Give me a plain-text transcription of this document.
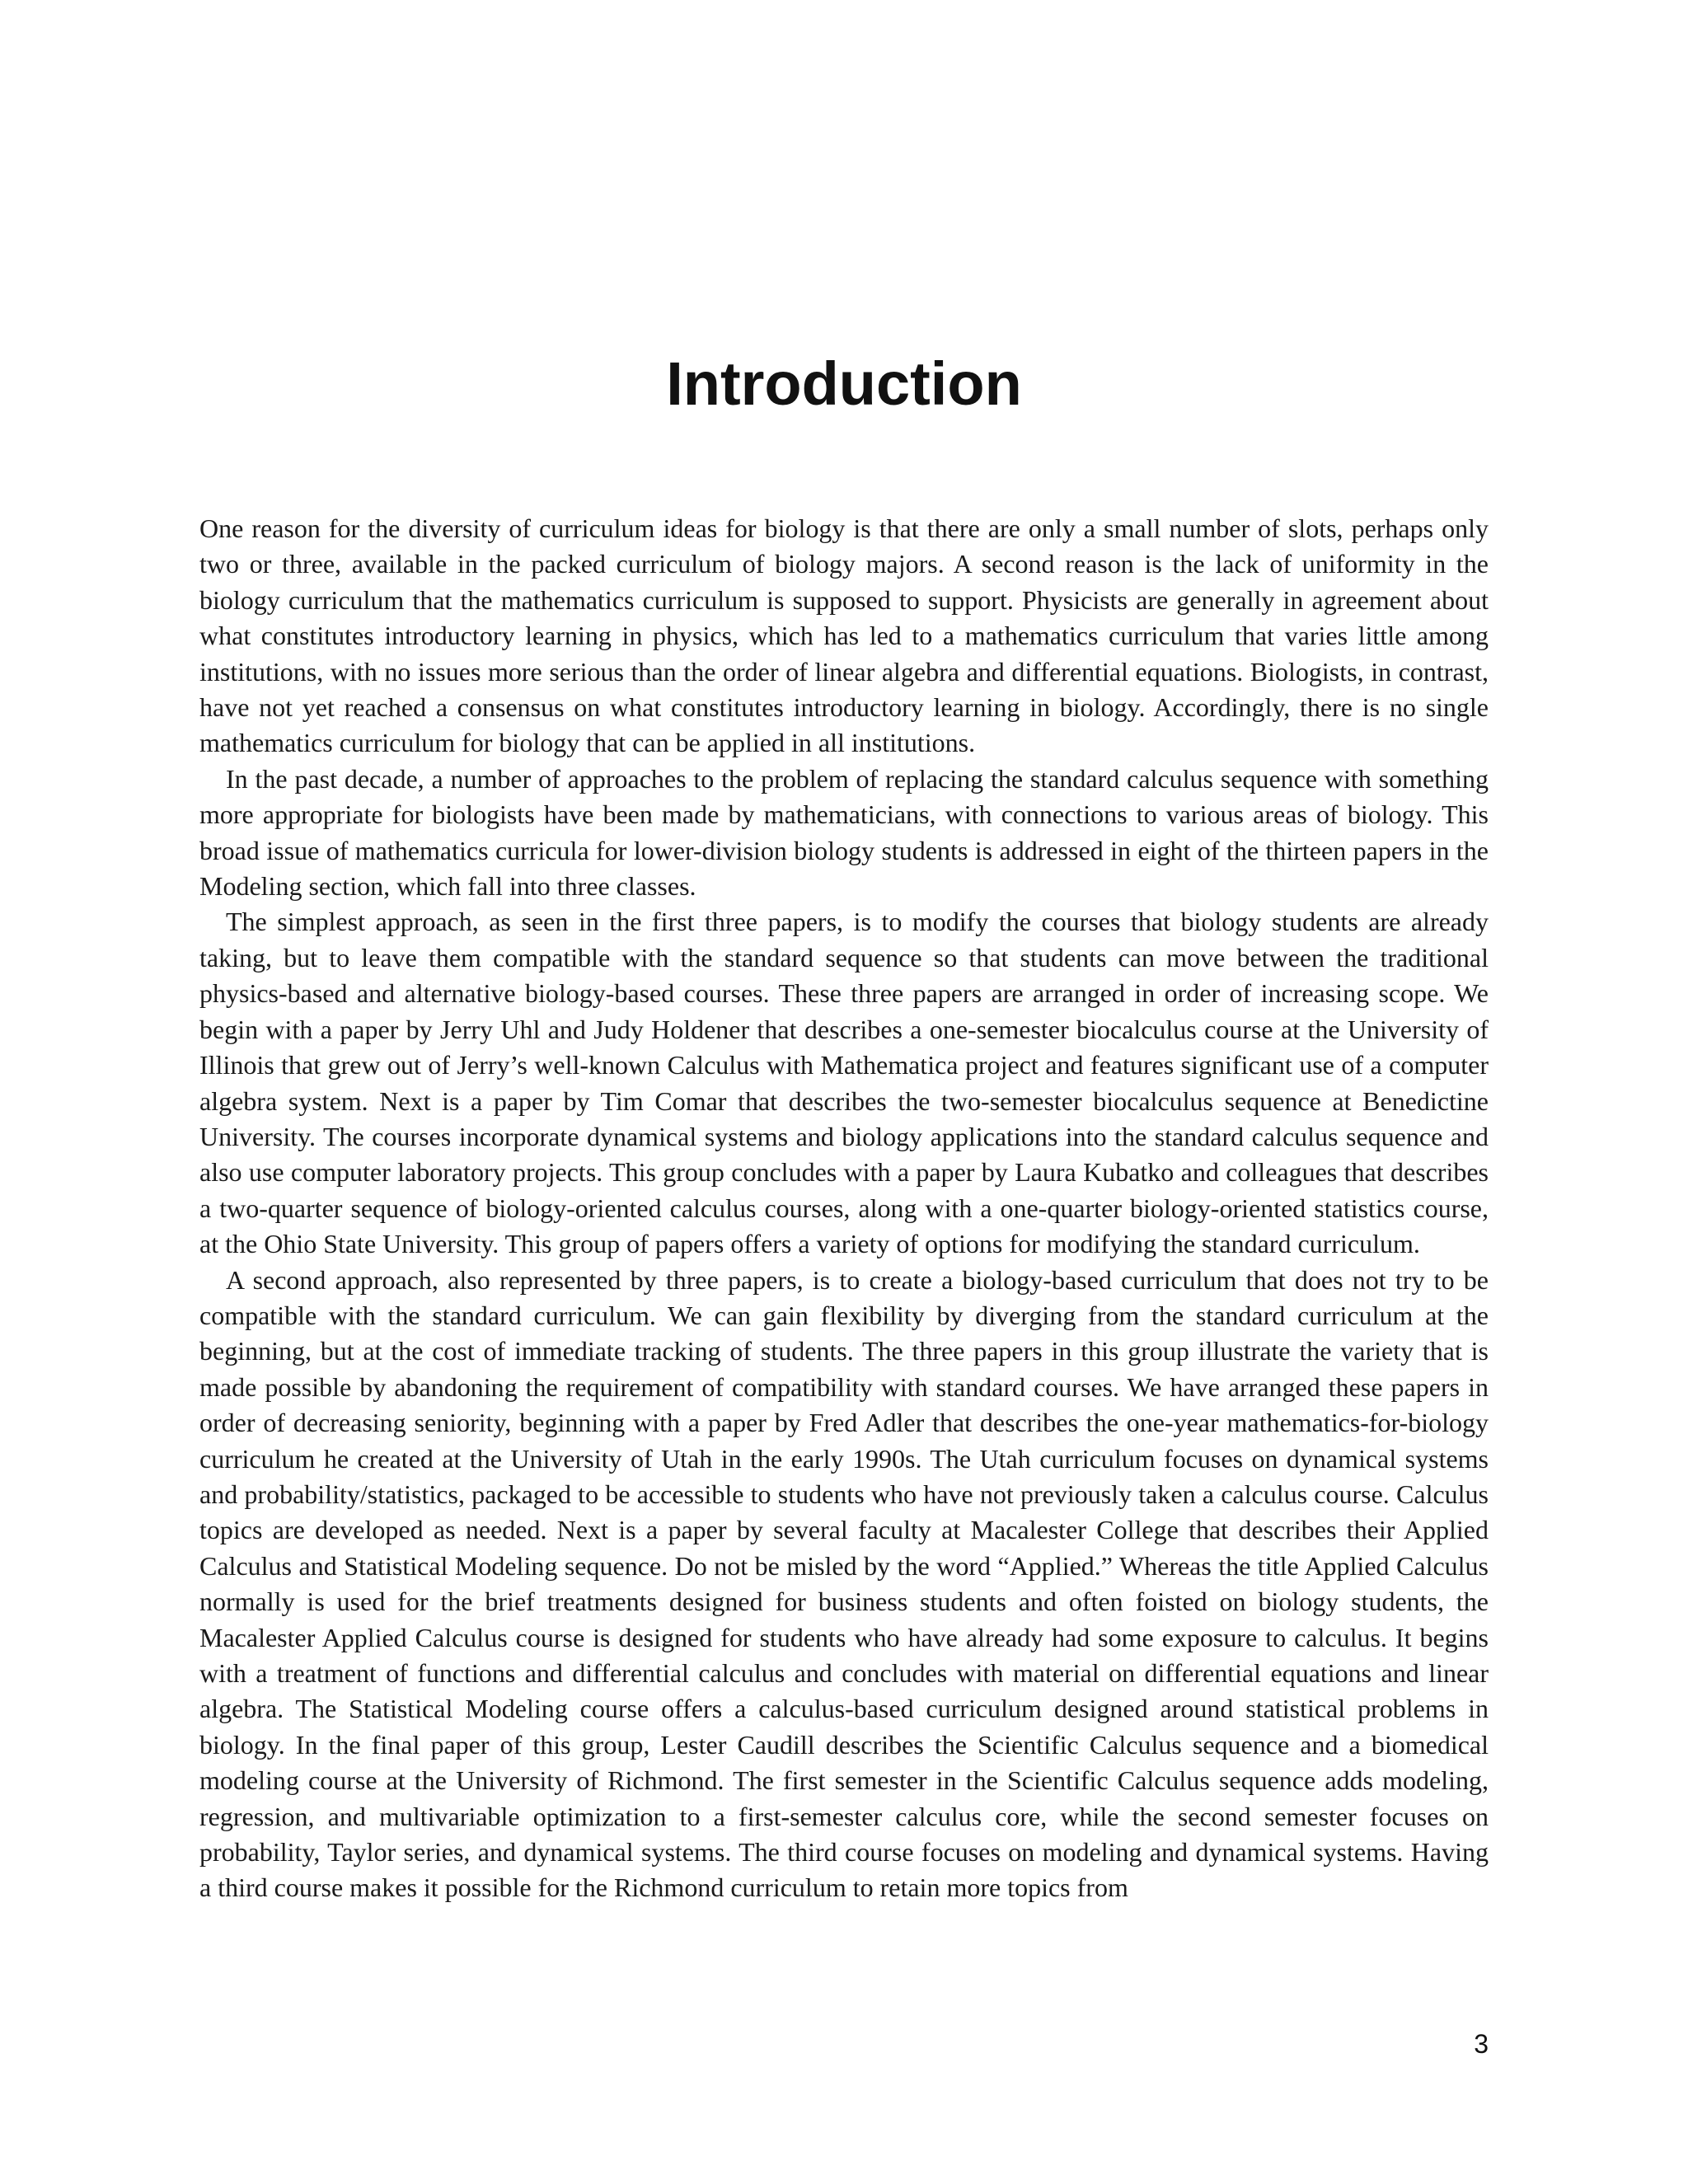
Introduction

One reason for the diversity of curriculum ideas for biology is that there are only a small number of slots, perhaps only two or three, available in the packed curriculum of biology majors. A second reason is the lack of uniformity in the biology curriculum that the mathematics curriculum is supposed to support. Physicists are generally in agreement about what constitutes introductory learning in physics, which has led to a mathematics curriculum that varies little among institutions, with no issues more serious than the order of linear algebra and differential equations. Biologists, in contrast, have not yet reached a consensus on what constitutes introductory learning in biology. Accordingly, there is no single mathematics curriculum for biology that can be applied in all institutions.

In the past decade, a number of approaches to the problem of replacing the standard calculus sequence with something more appropriate for biologists have been made by mathematicians, with connections to various areas of biology. This broad issue of mathematics curricula for lower-division biology students is addressed in eight of the thirteen papers in the Modeling section, which fall into three classes.

The simplest approach, as seen in the first three papers, is to modify the courses that biology students are already taking, but to leave them compatible with the standard sequence so that students can move between the traditional physics-based and alternative biology-based courses. These three papers are arranged in order of increasing scope. We begin with a paper by Jerry Uhl and Judy Holdener that describes a one-semester biocalculus course at the University of Illinois that grew out of Jerry’s well-known Calculus with Mathematica project and features significant use of a computer algebra system. Next is a paper by Tim Comar that describes the two-semester biocalculus sequence at Benedictine University. The courses incorporate dynamical systems and biology applications into the standard calculus sequence and also use computer laboratory projects. This group concludes with a paper by Laura Kubatko and colleagues that describes a two-quarter sequence of biology-oriented calculus courses, along with a one-quarter biology-oriented statistics course, at the Ohio State University. This group of papers offers a variety of options for modifying the standard curriculum.

A second approach, also represented by three papers, is to create a biology-based curriculum that does not try to be compatible with the standard curriculum. We can gain flexibility by diverging from the standard curriculum at the beginning, but at the cost of immediate tracking of students. The three papers in this group illustrate the variety that is made possible by abandoning the requirement of compatibility with standard courses. We have arranged these papers in order of decreasing seniority, beginning with a paper by Fred Adler that describes the one-year mathematics-for-biology curriculum he created at the University of Utah in the early 1990s. The Utah curriculum focuses on dynamical systems and probability/statistics, packaged to be accessible to students who have not previously taken a calculus course. Calculus topics are developed as needed. Next is a paper by several faculty at Macalester College that describes their Applied Calculus and Statistical Modeling sequence. Do not be misled by the word “Applied.” Whereas the title Applied Calculus normally is used for the brief treatments designed for business students and often foisted on biology students, the Macalester Applied Calculus course is designed for students who have already had some exposure to calculus. It begins with a treatment of functions and differential calculus and concludes with material on differential equations and linear algebra. The Statistical Modeling course offers a calculus-based curriculum designed around statistical problems in biology. In the final paper of this group, Lester Caudill describes the Scientific Calculus sequence and a biomedical modeling course at the University of Richmond. The first semester in the Scientific Calculus sequence adds modeling, regression, and multivariable optimization to a first-semester calculus core, while the second semester focuses on probability, Taylor series, and dynamical systems. The third course focuses on modeling and dynamical systems. Having a third course makes it possible for the Richmond curriculum to retain more topics from

3
